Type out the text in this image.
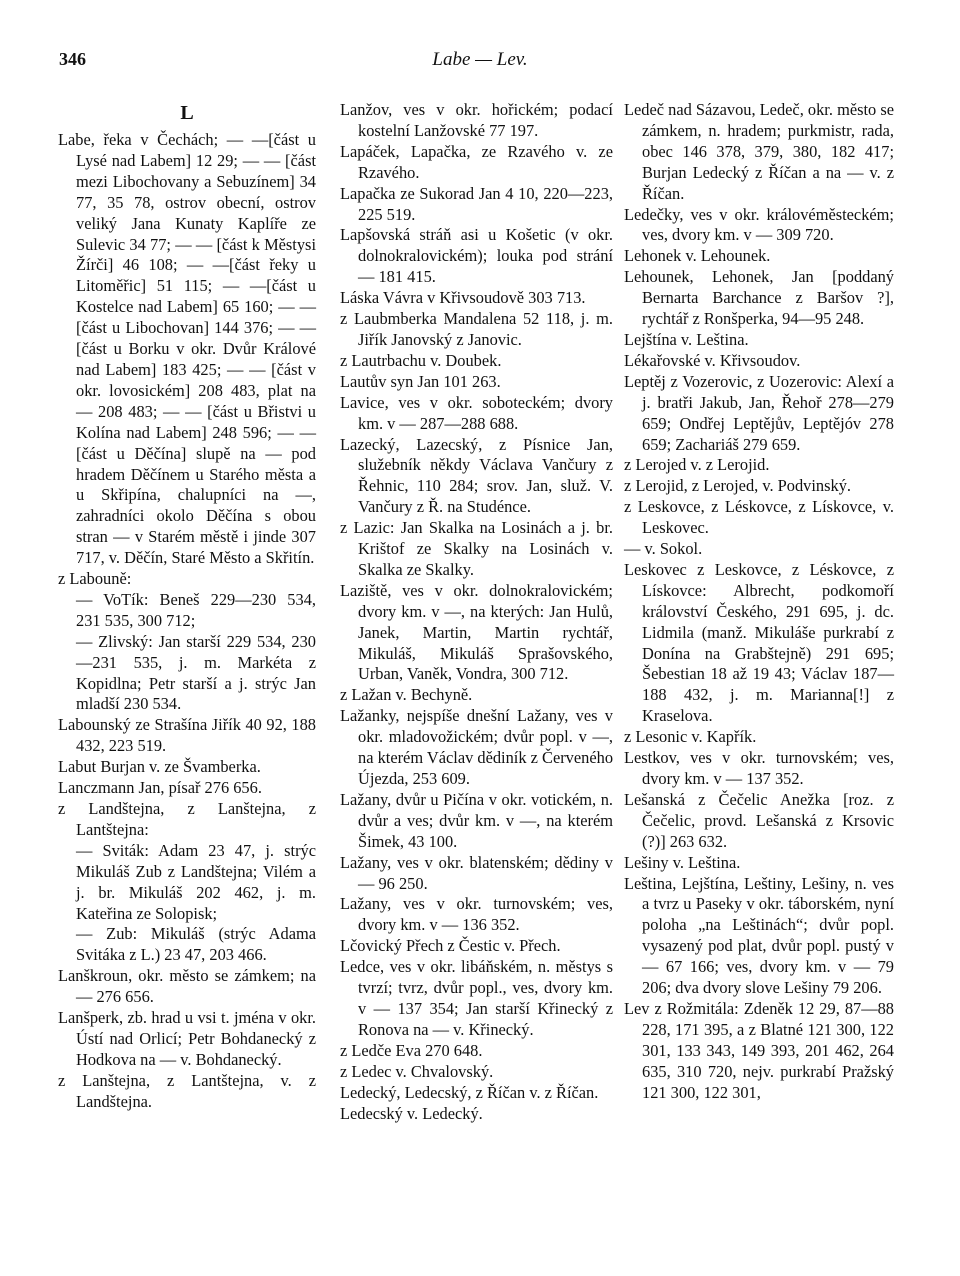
346	Labe — Lev.
L

Labe, řeka v Čechách; — —[část u Lysé nad Labem] 12 29; — — [část mezi Libochovany a Sebuzínem] 34 77, 35 78, ostrov obecní, ostrov veliký Jana Kunaty Kaplíře ze Sulevic 34 77; — — [část k Městysi Žírči] 46 108; — —[část řeky u Litoměřic] 51 115; — —[část u Kostelce nad Labem] 65 160; — — [část u Libochovan] 144 376; — — [část u Borku v okr. Dvůr Králové nad Labem] 183 425; — — [část v okr. lovosickém] 208 483, plat na — 208 483; — — [část u Břistvi u Kolína nad Labem] 248 596; — — [část u Děčína] slupě na — pod hradem Děčínem u Starého města a u Skřipína, chalupníci na —, zahradníci okolo Děčína s obou stran — v Starém městě i jinde 307 717, v. Děčín, Staré Město a Skřitín.

z Labouně:

— VoTík: Beneš 229—230 534, 231 535, 300 712;

— Zlivský: Jan starší 229 534, 230—231 535, j. m. Markéta z Kopidlna; Petr starší a j. strýc Jan mladší 230 534.

Labounský ze Strašína Jiřík 40 92, 188 432, 223 519.

Labut Burjan v. ze Švamberka.

Lanczmann Jan, písař 276 656.

z Landštejna, z Lanštejna, z Lantštejna:

— Sviták: Adam 23 47, j. strýc Mikuláš Zub z Landštejna; Vilém a j. br. Mikuláš 202 462, j. m. Kateřina ze Solopisk;

— Zub: Mikuláš (strýc Adama Svitáka z L.) 23 47, 203 466.

Lanškroun, okr. město se zámkem; na — 276 656.

Lanšperk, zb. hrad u vsi t. jména v okr. Ústí nad Orlicí; Petr Bohdanecký z Hodkova na — v. Bohdanecký.

z Lanštejna, z Lantštejna, v. z Landštejna.

Lanžov, ves v okr. hořickém; podací kostelní Lanžovské 77 197.

Lapáček, Lapačka, ze Rzavého v. ze Rzavého.

Lapačka ze Sukorad Jan 4 10, 220—223, 225 519.

Lapšovská stráň asi u Košetic (v okr. dolnokralovickém); louka pod strání — 181 415.

Láska Vávra v Křivsoudově 303 713.

z Laubmberka Mandalena 52 118, j. m. Jiřík Janovský z Janovic.

z Lautrbachu v. Doubek.

Lautův syn Jan 101 263.

Lavice, ves v okr. soboteckém; dvory km. v — 287—288 688.

Lazecký, Lazecský, z Písnice Jan, služebník někdy Václava Vančury z Řehnic, 110 284; srov. Jan, služ. V. Vančury z Ř. na Studénce.

z Lazic: Jan Skalka na Losinách a j. br. Krištof ze Skalky na Losinách v. Skalka ze Skalky.

Laziště, ves v okr. dolnokralovickém; dvory km. v —, na kterých: Jan Hulů, Janek, Martin, Martin rychtář, Mikuláš, Mikuláš Sprašovského, Urban, Vaněk, Vondra, 300 712.

z Lažan v. Bechyně.

Lažanky, nejspíše dnešní Lažany, ves v okr. mladovožickém; dvůr popl. v —, na kterém Václav dědiník z Červeného Újezda, 253 609.

Lažany, dvůr u Pičína v okr. votickém, n. dvůr a ves; dvůr km. v —, na kterém Šimek, 43 100.

Lažany, ves v okr. blatenském; dědiny v — 96 250.

Lažany, ves v okr. turnovském; ves, dvory km. v — 136 352.

Lčovický Přech z Čestic v. Přech.

Ledce, ves v okr. libáňském, n. městys s tvrzí; tvrz, dvůr popl., ves, dvory km. v — 137 354; Jan starší Křinecký z Ronova na — v. Křinecký.

z Ledče Eva 270 648.

z Ledec v. Chvalovský.

Ledecký, Ledecský, z Říčan v. z Říčan.

Ledecský v. Ledecký.

Ledeč nad Sázavou, Ledeč, okr. město se zámkem, n. hradem; purkmistr, rada, obec 146 378, 379, 380, 182 417; Burjan Ledecký z Říčan a na — v. z Říčan.

Ledečky, ves v okr. královéměsteckém; ves, dvory km. v — 309 720.

Lehonek v. Lehounek.

Lehounek, Lehonek, Jan [poddaný Bernarta Barchance z Baršov ?], rychtář z Ronšperka, 94—95 248.

Lejštína v. Leština.

Lékařovské v. Křivsoudov.

Leptěj z Vozerovic, z Uozerovic: Alexí a j. bratři Jakub, Jan, Řehoř 278—279 659; Ondřej Leptějův, Leptějóv 278 659; Zachariáš 279 659.

z Lerojed v. z Lerojid.

z Lerojid, z Lerojed, v. Podvinský.

z Leskovce, z Léskovce, z Lískovce, v. Leskovec.

— v. Sokol.

Leskovec z Leskovce, z Léskovce, z Lískovce: Albrecht, podkomoří království Českého, 291 695, j. dc. Lidmila (manž. Mikuláše purkrabí z Donína na Grabštejně) 291 695; Šebestian 18 až 19 43; Václav 187—188 432, j. m. Marianna[!] z Kraselova.

z Lesonic v. Kapřík.

Lestkov, ves v okr. turnovském; ves, dvory km. v — 137 352.

Lešanská z Čečelic Anežka [roz. z Čečelic, provd. Lešanská z Krsovic (?)] 263 632.

Lešiny v. Leština.

Leština, Lejštína, Leštiny, Lešiny, n. ves a tvrz u Paseky v okr. táborském, nyní poloha „na Leštinách“; dvůr popl. vysazený pod plat, dvůr popl. pustý v — 67 166; ves, dvory km. v — 79 206; dva dvory slove Lešiny 79 206.

Lev z Rožmitála: Zdeněk 12 29, 87—88 228, 171 395, a z Blatné 121 300, 122 301, 133 343, 149 393, 201 462, 264 635, 310 720, nejv. purkrabí Pražský 121 300, 122 301,
